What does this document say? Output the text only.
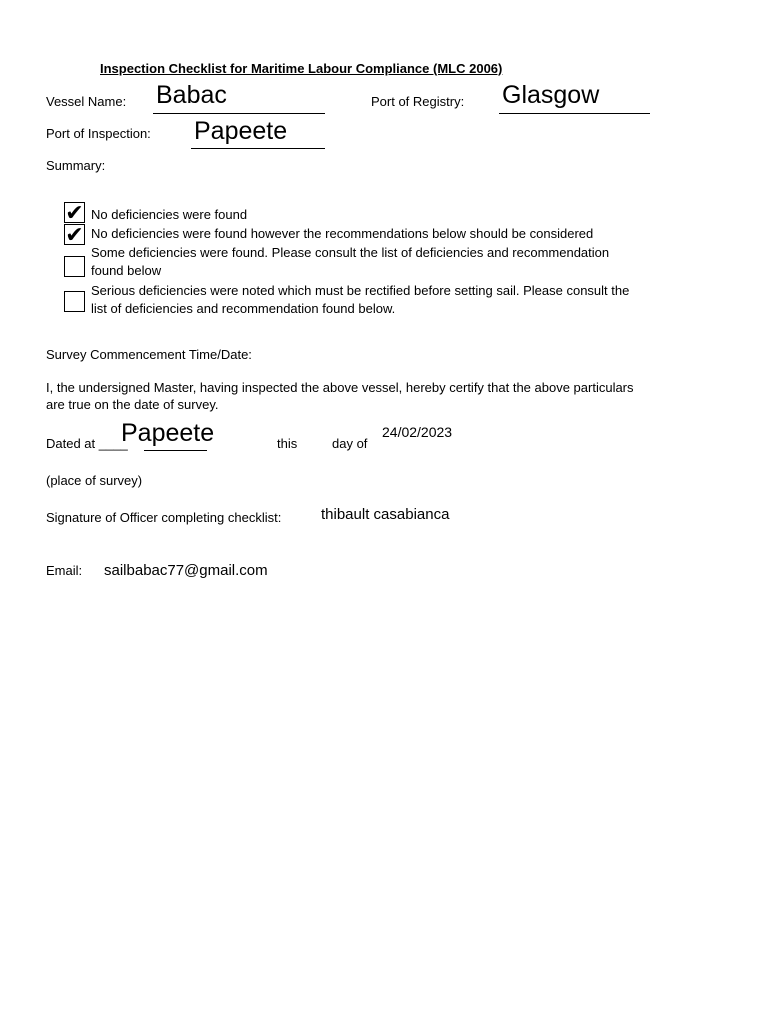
Inspection Checklist for Maritime Labour Compliance (MLC 2006)
Vessel Name: Babac	Port of Registry: Glasgow
Port of Inspection: Papeete
Summary:
✔ No deficiencies were found
✔ No deficiencies were found however the recommendations below should be considered
Some deficiencies were found. Please consult the list of deficiencies and recommendation
found below
Serious deficiencies were noted which must be rectified before setting sail. Please consult the
list of deficiencies and recommendation found below.
Survey Commencement Time/Date:
I, the undersigned Master, having inspected the above vessel, hereby certify that the above particulars
are true on the date of survey.
Dated at ____
Papeete	this	day of
24/02/2023
(place of survey)
Signature of Officer completing checklist:	thibault casabianca
Email: sailbabac77@gmail.com
